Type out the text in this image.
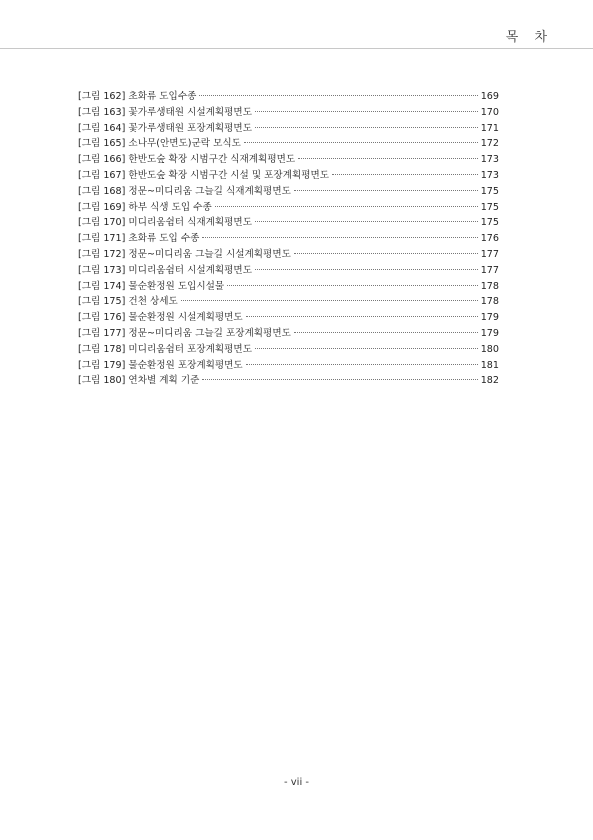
목 차
[그림 162] 초화류 도입수종	169
[그림 163] 꽃가루생태원 시설계획평면도	170
[그림 164] 꽃가루생태원 포장계획평면도	171
[그림 165] 소나무(안면도)군락 모식도	172
[그림 166] 한반도숲 확장 시범구간 식재계획평면도	173
[그림 167] 한반도숲 확장 시범구간 시설 및 포장계획평면도	173
[그림 168] 정문~미디리움 그늘길 식재계획평면도	175
[그림 169] 하부 식생 도입 수종	175
[그림 170] 미디리움쉼터 식재계획평면도	175
[그림 171] 초화류 도입 수종	176
[그림 172] 정문~미디리움 그늘길 시설계획평면도	177
[그림 173] 미디리움쉼터 시설계획평면도	177
[그림 174] 물순환정원 도입시설물	178
[그림 175] 건천 상세도	178
[그림 176] 물순환정원 시설계획평면도	179
[그림 177] 정문~미디리움 그늘길 포장계획평면도	179
[그림 178] 미디리움쉼터 포장계획평면도	180
[그림 179] 물순환정원 포장계획평면도	181
[그림 180] 연차별 계획 기준	182
- vii -
